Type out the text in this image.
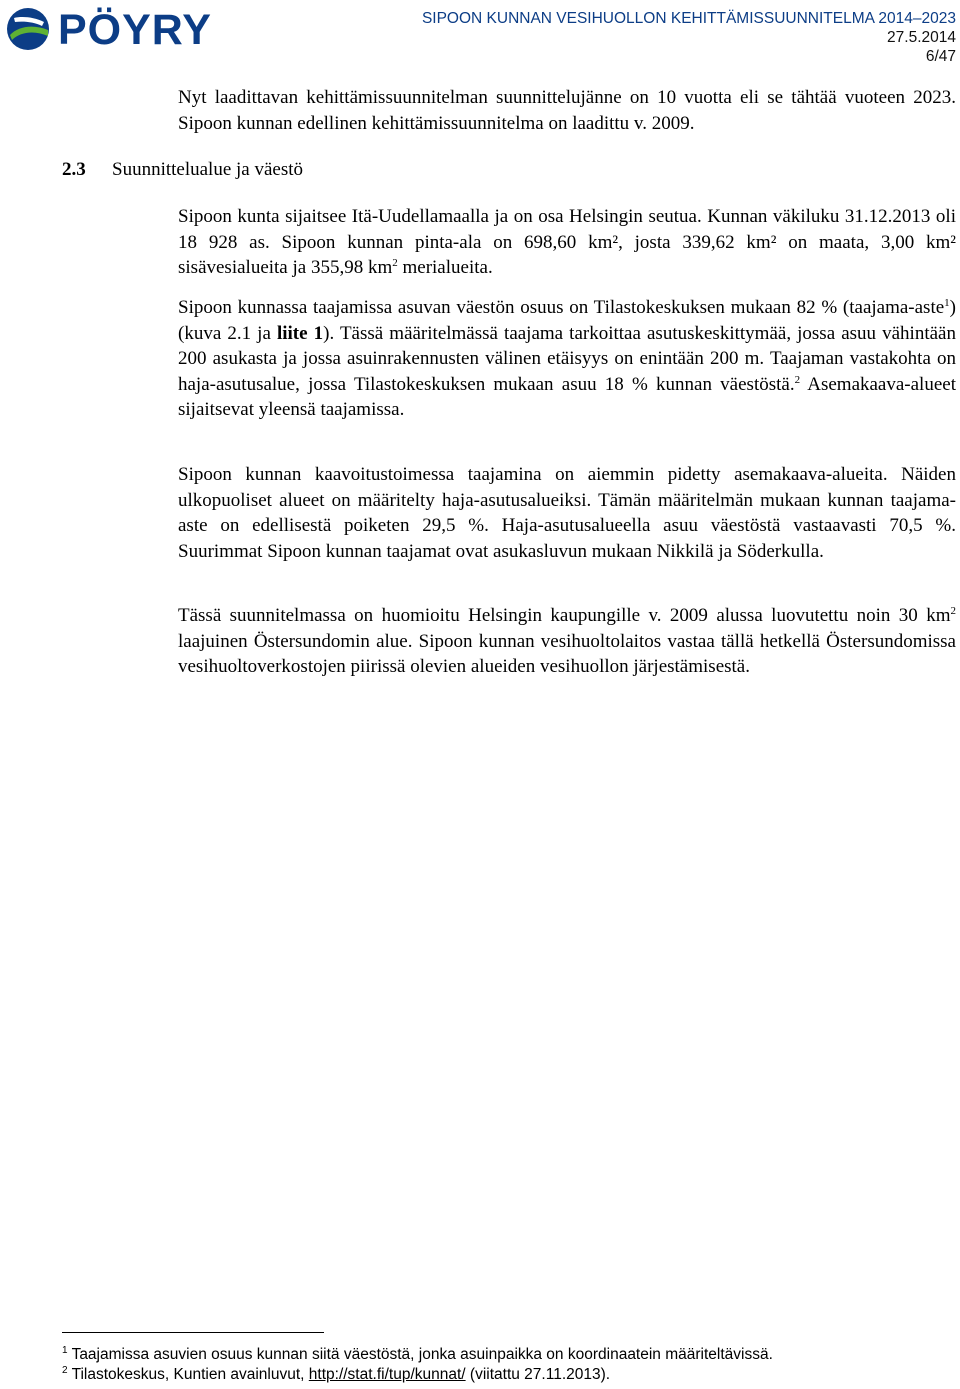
PÖYRY	SIPOON KUNNAN VESIHUOLLON KEHITTÄMISSUUNNITELMA 2014–2023
27.5.2014
6/47

Nyt laadittavan kehittämissuunnitelman suunnittelujänne on 10 vuotta eli se tähtää vuoteen 2023. Sipoon kunnan edellinen kehittämissuunnitelma on laadittu v. 2009.

2.3 Suunnittelualue ja väestö

Sipoon kunta sijaitsee Itä-Uudellamaalla ja on osa Helsingin seutua. Kunnan väkiluku 31.12.2013 oli 18 928 as. Sipoon kunnan pinta-ala on 698,60 km², josta 339,62 km² on maata, 3,00 km² sisävesialueita ja 355,98 $km^2$ merialueita.

Sipoon kunnassa taajamissa asuvan väestön osuus on Tilastokeskuksen mukaan 82 % (taajama-aste$^1$) (kuva 2.1 ja liite 1). Tässä määritelmässä taajama tarkoittaa asutuskeskittymää, jossa asuu vähintään 200 asukasta ja jossa asuinrakennusten välinen etäisyys on enintään 200 m. Taajaman vastakohta on haja-asutusalue, jossa Tilastokeskuksen mukaan asuu 18 % kunnan väestöstä.$^2$ Asemakaava-alueet sijaitsevat yleensä taajamissa.

Sipoon kunnan kaavoitustoimessa taajamina on aiemmin pidetty asemakaava-alueita. Näiden ulkopuoliset alueet on määritelty haja-asutusalueiksi. Tämän määritelmän mukaan kunnan taajama-aste on edellisestä poiketen 29,5 %. Haja-asutusalueella asuu väestöstä vastaavasti 70,5 %. Suurimmat Sipoon kunnan taajamat ovat asukasluvun mukaan Nikkilä ja Söderkulla.

Tässä suunnitelmassa on huomioitu Helsingin kaupungille v. 2009 alussa luovutettu noin 30 $km^2$ laajuinen Östersundomin alue. Sipoon kunnan vesihuoltolaitos vastaa tällä hetkellä Östersundomissa vesihuoltoverkostojen piirissä olevien alueiden vesihuollon järjestämisestä.

$^1$ Taajamissa asuvien osuus kunnan siitä väestöstä, jonka asuinpaikka on koordinaatein määriteltävissä.

$^2$ Tilastokeskus, Kuntien avainluvut, http://stat.fi/tup/kunnat/ (viitattu 27.11.2013).
